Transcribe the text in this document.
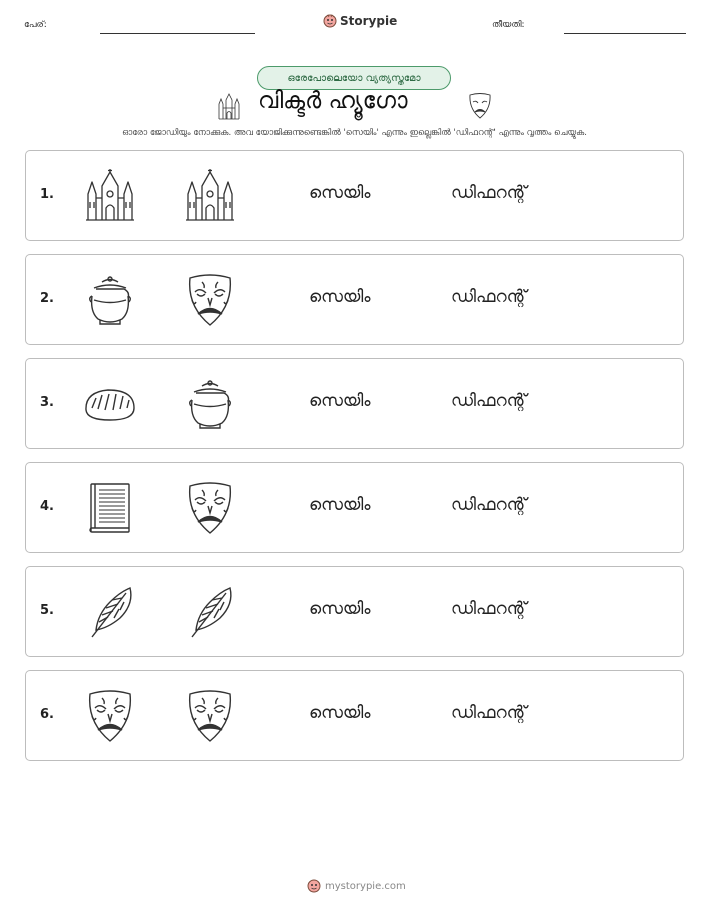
പേര്:	Storypie	തീയതി:
ഒരേപോലെയോ വ്യത്യസ്തമോ
വിക്ടർ ഹ്യൂഗോ
ഓരോ ജോഡിയും നോക്കുക. അവ യോജിക്കുന്നുണ്ടെങ്കിൽ 'സെയിം' എന്നും ഇല്ലെങ്കിൽ 'ഡിഫറന്റ്' എന്നും വൃത്തം ചെയ്യുക.
1.	സെയിം	ഡിഫറന്റ്
2.	സെയിം	ഡിഫറന്റ്
3.	സെയിം	ഡിഫറന്റ്
4.	സെയിം	ഡിഫറന്റ്
5.	സെയിം	ഡിഫറന്റ്
6.	സെയിം	ഡിഫറന്റ്
mystorypie.com
